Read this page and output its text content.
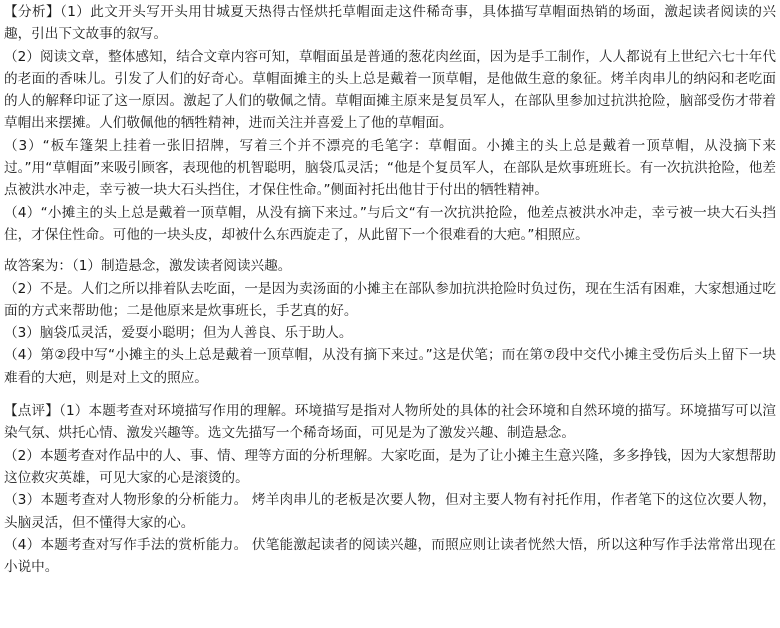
【分析】（1）此文开头写开头用甘城夏天热得古怪烘托草帽面走这件稀奇事，具体描写草帽面热销的场面，激起读者阅读的兴趣，引出下文故事的叙写。

（2）阅读文章，整体感知，结合文章内容可知，草帽面虽是普通的葱花肉丝面，因为是手工制作，人人都说有上世纪六七十年代的老面的香味儿。引发了人们的好奇心。草帽面摊主的头上总是戴着一顶草帽，是他做生意的象征。烤羊肉串儿的纳闷和老吃面的人的解释印证了这一原因。激起了人们的敬佩之情。草帽面摊主原来是复员军人，在部队里参加过抗洪抢险，脑部受伤才带着草帽出来摆摊。人们敬佩他的牺牲精神，进而关注并喜爱上了他的草帽面。

（3）“板车篷架上挂着一张旧招牌，写着三个并不漂亮的毛笔字：草帽面。小摊主的头上总是戴着一顶草帽，从没摘下来过。”用“草帽面”来吸引顾客，表现他的机智聪明，脑袋瓜灵活；“他是个复员军人，在部队是炊事班班长。有一次抗洪抢险，他差点被洪水冲走，幸亏被一块大石头挡住，才保住性命。”侧面衬托出他甘于付出的牺牲精神。

（4）“小摊主的头上总是戴着一顶草帽，从没有摘下来过。”与后文“有一次抗洪抢险，他差点被洪水冲走，幸亏被一块大石头挡住，才保住性命。可他的一块头皮，却被什么东西旋走了，从此留下一个很难看的大疤。”相照应。

故答案为：（1）制造悬念，激发读者阅读兴趣。

（2）不是。人们之所以排着队去吃面，一是因为卖汤面的小摊主在部队参加抗洪抢险时负过伤，现在生活有困难，大家想通过吃面的方式来帮助他；二是他原来是炊事班长，手艺真的好。

（3）脑袋瓜灵活，爱耍小聪明；但为人善良、乐于助人。

（4）第②段中写“小摊主的头上总是戴着一顶草帽，从没有摘下来过。”这是伏笔；而在第⑦段中交代小摊主受伤后头上留下一块难看的大疤，则是对上文的照应。

【点评】（1）本题考查对环境描写作用的理解。环境描写是指对人物所处的具体的社会环境和自然环境的描写。环境描写可以渲染气氛、烘托心情、激发兴趣等。选文先描写一个稀奇场面，可见是为了激发兴趣、制造悬念。

（2）本题考查对作品中的人、事、情、理等方面的分析理解。大家吃面，是为了让小摊主生意兴隆，多多挣钱，因为大家想帮助这位救灾英雄，可见大家的心是滚烫的。

（3）本题考查对人物形象的分析能力。 烤羊肉串儿的老板是次要人物，但对主要人物有衬托作用，作者笔下的这位次要人物，头脑灵活，但不懂得大家的心。

（4）本题考查对写作手法的赏析能力。 伏笔能激起读者的阅读兴趣，而照应则让读者恍然大悟，所以这种写作手法常常出现在小说中。
